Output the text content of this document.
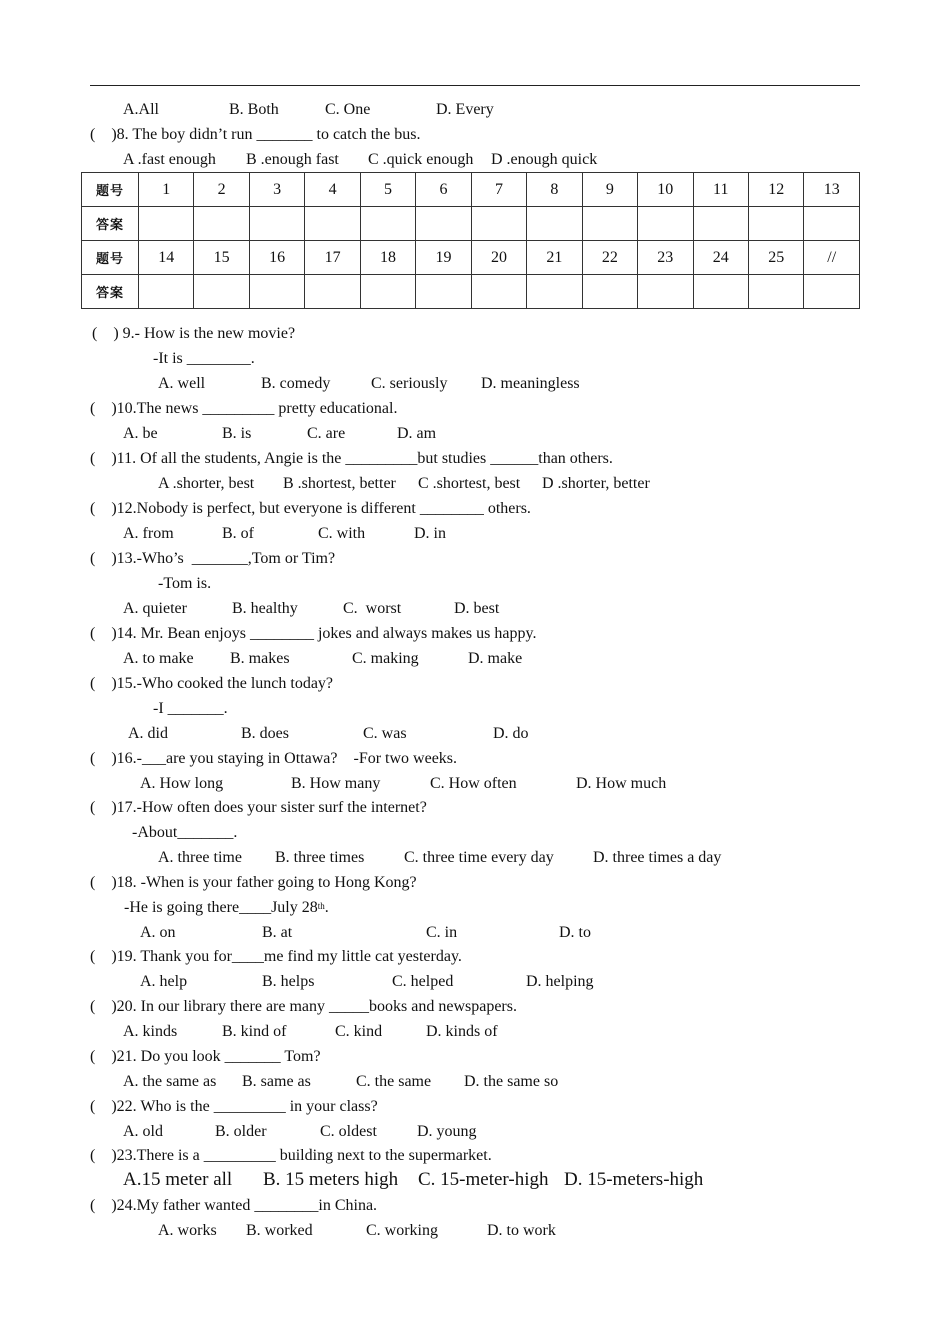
A.All	B. Both	C. One	D. Every
(    )8. The boy didn’t run _______ to catch the bus.
A .fast enough B .enough fast C .quick enough D .enough quick
题号	1	2	3	4	5	6	7	8	9	10	11	12	13
答案													
题号	14	15	16	17	18	19	20	21	22	23	24	25	//
答案													
(    ) 9.- How is the new movie?
-It is ________.
A. well	B. comedy	C. seriously D. meaningless
(    )10.The news _________ pretty educational.
A. be	B. is	C. are	D. am
(    )11. Of all the students, Angie is the _________but studies ______than others.
A .shorter, best B .shortest, better C .shortest, best D .shorter, better
(    )12.Nobody is perfect, but everyone is different ________ others.
A. from	B. of	C. with	D. in
(    )13.-Who’s  _______,Tom or Tim?
-Tom is.
A. quieter	B. healthy	C.  worst	D. best
(    )14. Mr. Bean enjoys ________ jokes and always makes us happy.
A. to make B. makes	C. making	D. make
(    )15.-Who cooked the lunch today?
-I _______.
A. did	B. does	C. was	D. do
(    )16.-___are you staying in Ottawa?    -For two weeks.
A. How long	B. How many	C. How often	D. How much
(    )17.-How often does your sister surf the internet?
-About_______.
A. three time B. three times C. three time every day D. three times a day
(    )18. -When is your father going to Hong Kong?
-He is going there____July 28th.
A. on	B. at	C. in	D. to
(    )19. Thank you for____me find my little cat yesterday.
A. help	B. helps	C. helped	D. helping
(    )20. In our library there are many _____books and newspapers.
A. kinds	B. kind of	C. kind	D. kinds of
(    )21. Do you look _______ Tom?
A. the same as B. same as	C. the same D. the same so
(    )22. Who is the _________ in your class?
A. old	B. older	C. oldest	D. young
(    )23.There is a _________ building next to the supermarket.
A.15 meter all B. 15 meters high C. 15-meter-high D. 15-meters-high
(    )24.My father wanted ________in China.
A. works B. worked	C. working	D. to work
